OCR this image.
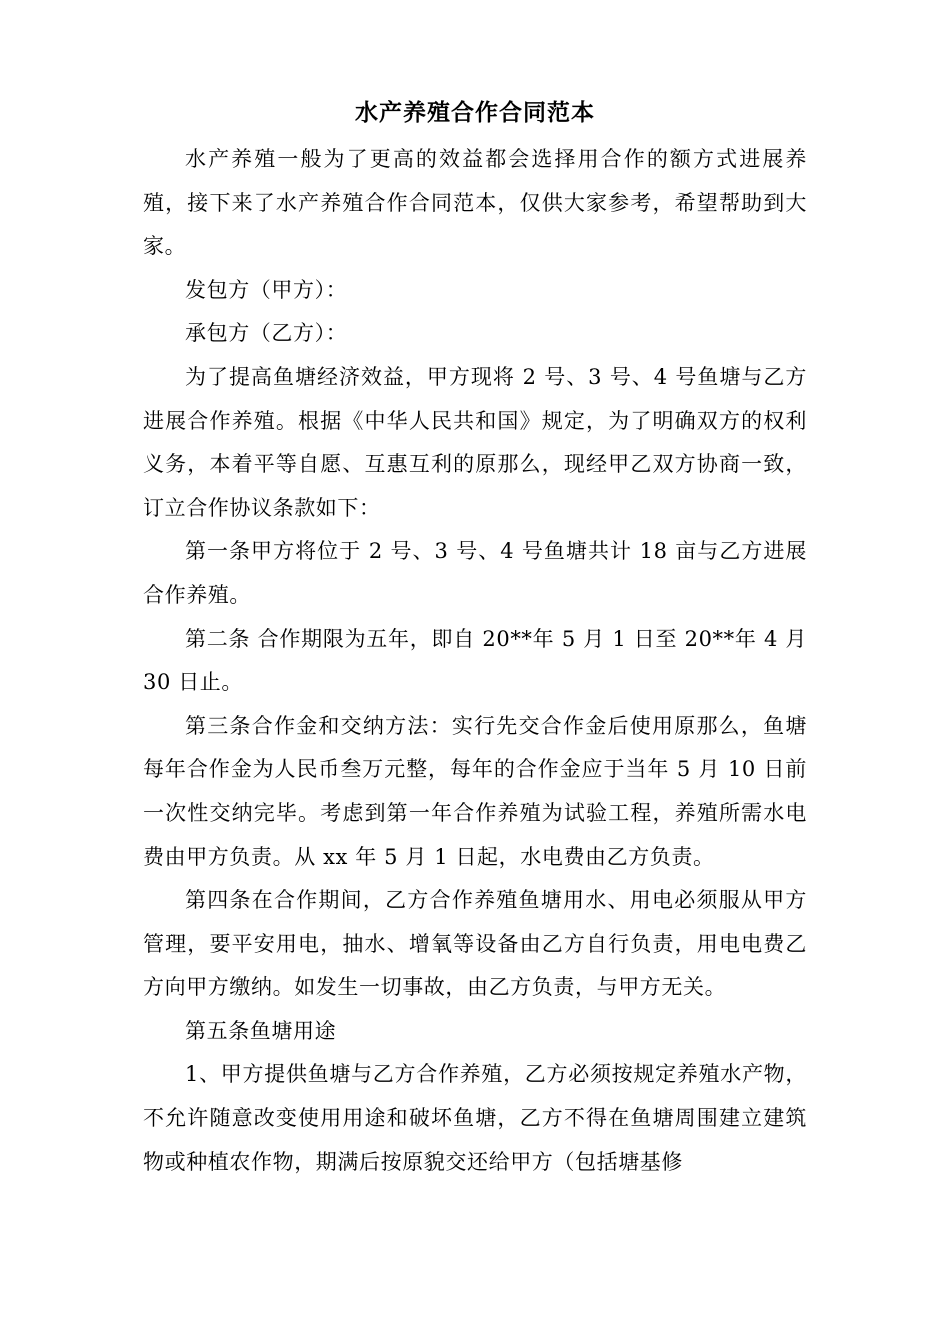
水产养殖合作合同范本

水产养殖一般为了更高的效益都会选择用合作的额方式进展养殖，接下来了水产养殖合作合同范本，仅供大家参考，希望帮助到大家。

发包方（甲方）：

承包方（乙方）：

为了提高鱼塘经济效益，甲方现将 2 号、3 号、4 号鱼塘与乙方进展合作养殖。根据《中华人民共和国》规定，为了明确双方的权利义务，本着平等自愿、互惠互利的原那么，现经甲乙双方协商一致，订立合作协议条款如下：

第一条甲方将位于 2 号、3 号、4 号鱼塘共计 18 亩与乙方进展合作养殖。

第二条 合作期限为五年，即自 20**年 5 月 1 日至 20**年 4 月 30 日止。

第三条合作金和交纳方法：实行先交合作金后使用原那么，鱼塘每年合作金为人民币叁万元整，每年的合作金应于当年 5 月 10 日前一次性交纳完毕。考虑到第一年合作养殖为试验工程，养殖所需水电费由甲方负责。从 xx 年 5 月 1 日起，水电费由乙方负责。

第四条在合作期间，乙方合作养殖鱼塘用水、用电必须服从甲方管理，要平安用电，抽水、增氧等设备由乙方自行负责，用电电费乙方向甲方缴纳。如发生一切事故，由乙方负责，与甲方无关。

第五条鱼塘用途

1、甲方提供鱼塘与乙方合作养殖，乙方必须按规定养殖水产物，不允许随意改变使用用途和破坏鱼塘，乙方不得在鱼塘周围建立建筑物或种植农作物，期满后按原貌交还给甲方（包括塘基修
